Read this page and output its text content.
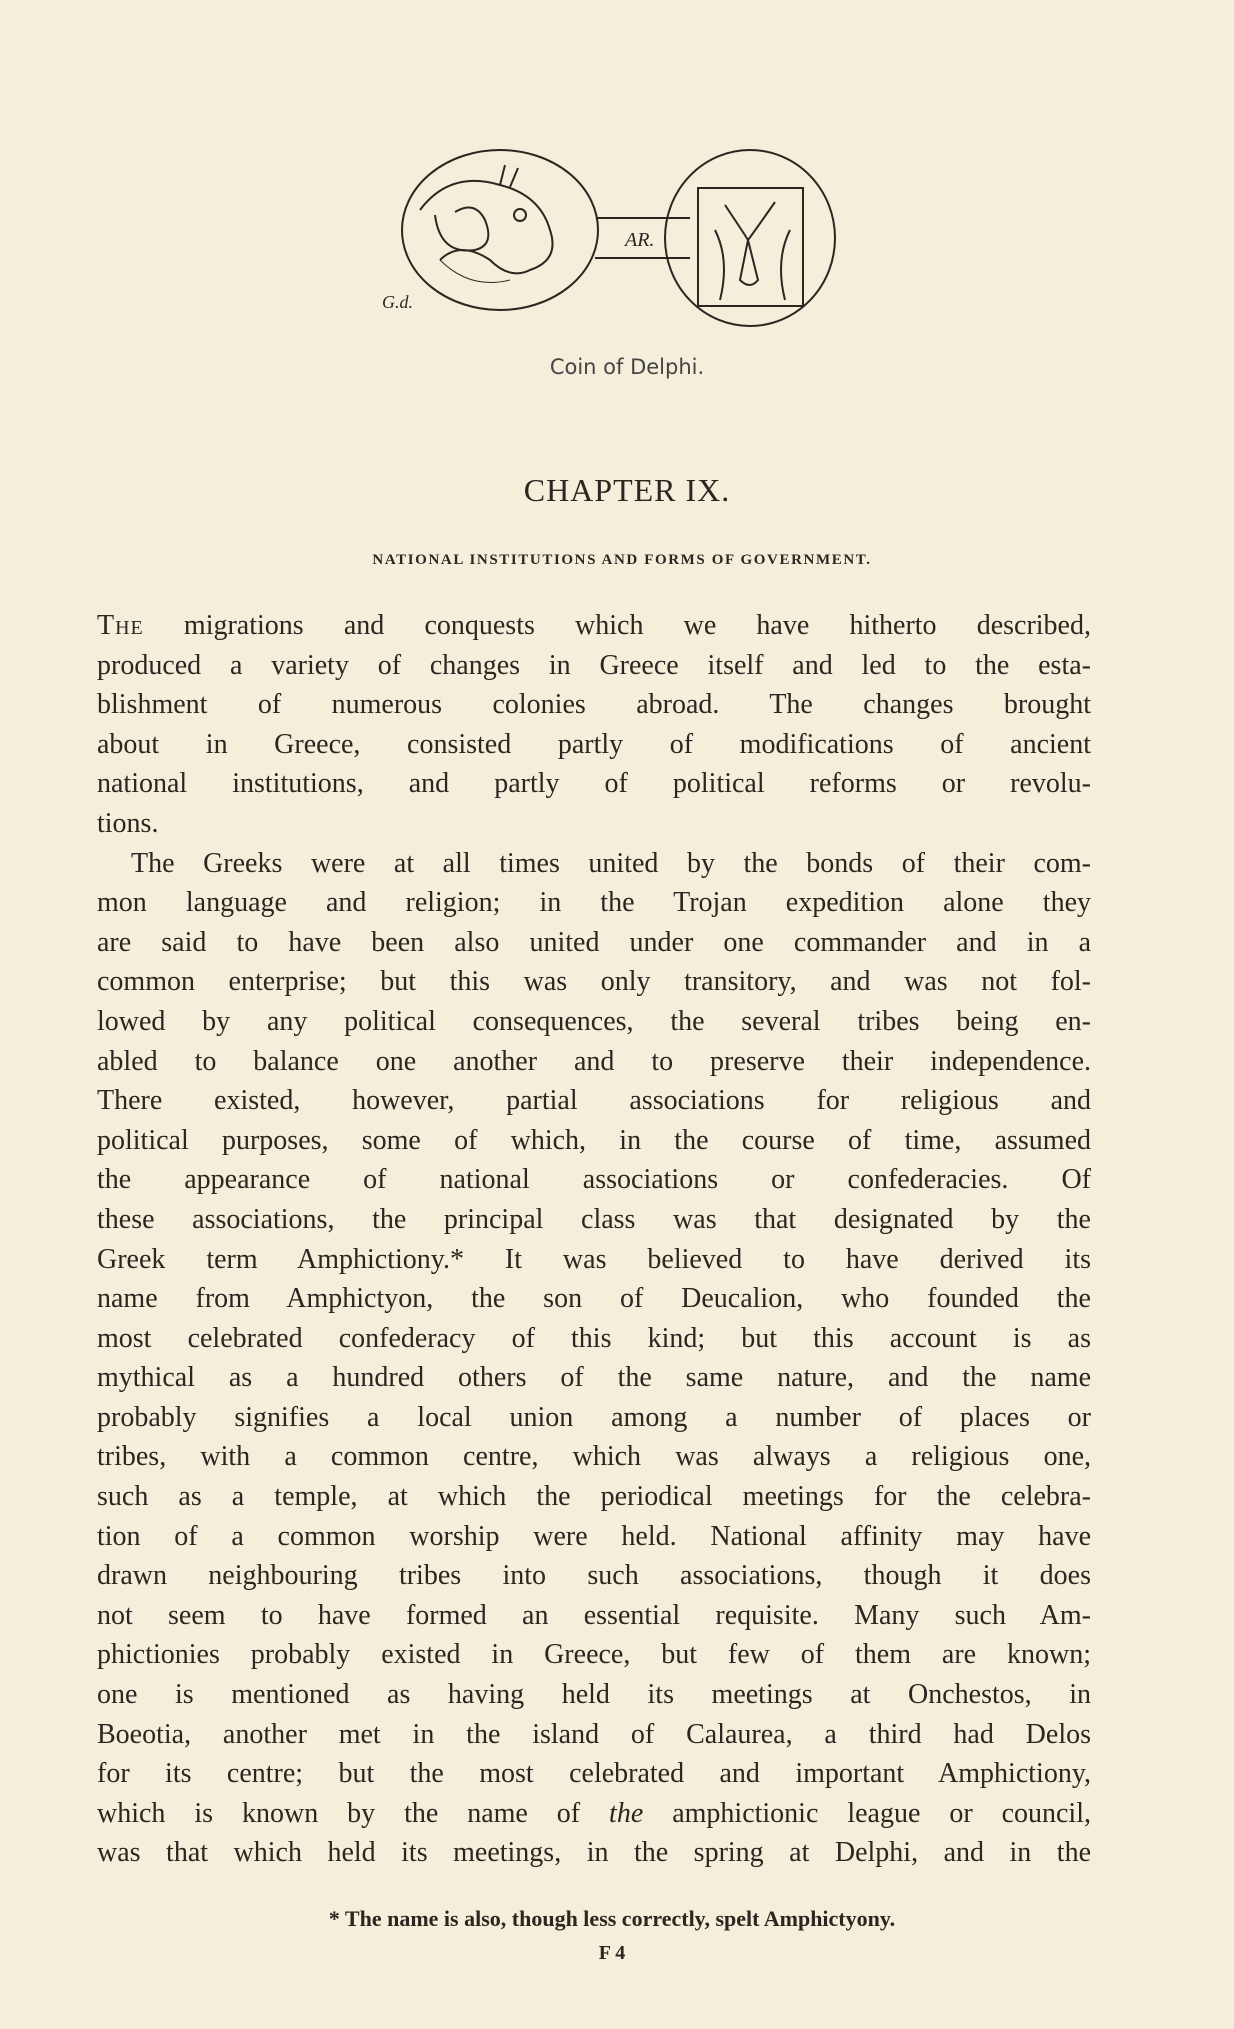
AR.
G.d.
Coin of Delphi.
CHAPTER IX.
NATIONAL INSTITUTIONS AND FORMS OF GOVERNMENT.
The migrations and conquests which we have hitherto described,
produced a variety of changes in Greece itself and led to the esta-
blishment of numerous colonies abroad. The changes brought
about in Greece, consisted partly of modifications of ancient
national institutions, and partly of political reforms or revolu-
tions.
The Greeks were at all times united by the bonds of their com-
mon language and religion; in the Trojan expedition alone they
are said to have been also united under one commander and in a
common enterprise; but this was only transitory, and was not fol-
lowed by any political consequences, the several tribes being en-
abled to balance one another and to preserve their independence.
There existed, however, partial associations for religious and
political purposes, some of which, in the course of time, assumed
the appearance of national associations or confederacies. Of
these associations, the principal class was that designated by the
Greek term Amphictiony.* It was believed to have derived its
name from Amphictyon, the son of Deucalion, who founded the
most celebrated confederacy of this kind; but this account is as
mythical as a hundred others of the same nature, and the name
probably signifies a local union among a number of places or
tribes, with a common centre, which was always a religious one,
such as a temple, at which the periodical meetings for the celebra-
tion of a common worship were held. National affinity may have
drawn neighbouring tribes into such associations, though it does
not seem to have formed an essential requisite. Many such Am-
phictionies probably existed in Greece, but few of them are known;
one is mentioned as having held its meetings at Onchestos, in
Boeotia, another met in the island of Calaurea, a third had Delos
for its centre; but the most celebrated and important Amphictiony,
which is known by the name of the amphictionic league or council,
was that which held its meetings, in the spring at Delphi, and in the
* The name is also, though less correctly, spelt Amphictyony.
F 4
